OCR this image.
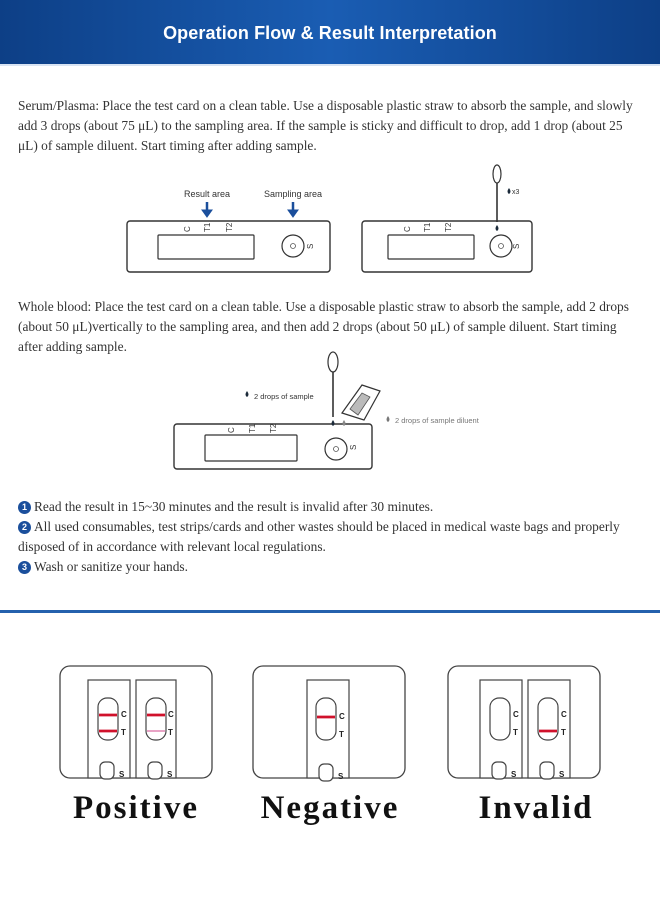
Operation Flow & Result Interpretation
Serum/Plasma: Place the test card on a clean table. Use a disposable plastic straw to absorb the sample, and slowly add 3 drops (about 75 μL) to the sampling area. If the sample is sticky and difficult to drop, add 1 drop (about 25 μL) of sample diluent. Start timing after adding sample.
Result area	Sampling area
C T1 T2
S
C T1 T2
S
x3
Whole blood: Place the test card on a clean table. Use a disposable plastic straw to absorb the sample, add 2 drops (about 50 μL)vertically to the sampling area, and then add 2 drops (about 50 μL) of sample diluent. Start timing after adding sample.
C T1 T2
S
2 drops of sample
2 drops of sample diluent
1 Read the result in 15~30 minutes and the result is invalid after 30 minutes.
2 All used consumables, test strips/cards and other wastes should be placed in medical waste bags and properly disposed of in accordance with relevant local regulations.
3 Wash or sanitize your hands.
C
T
S
C
T
S
C
T
S
C
T
S
C
T
S
Positive	Negative	Invalid
